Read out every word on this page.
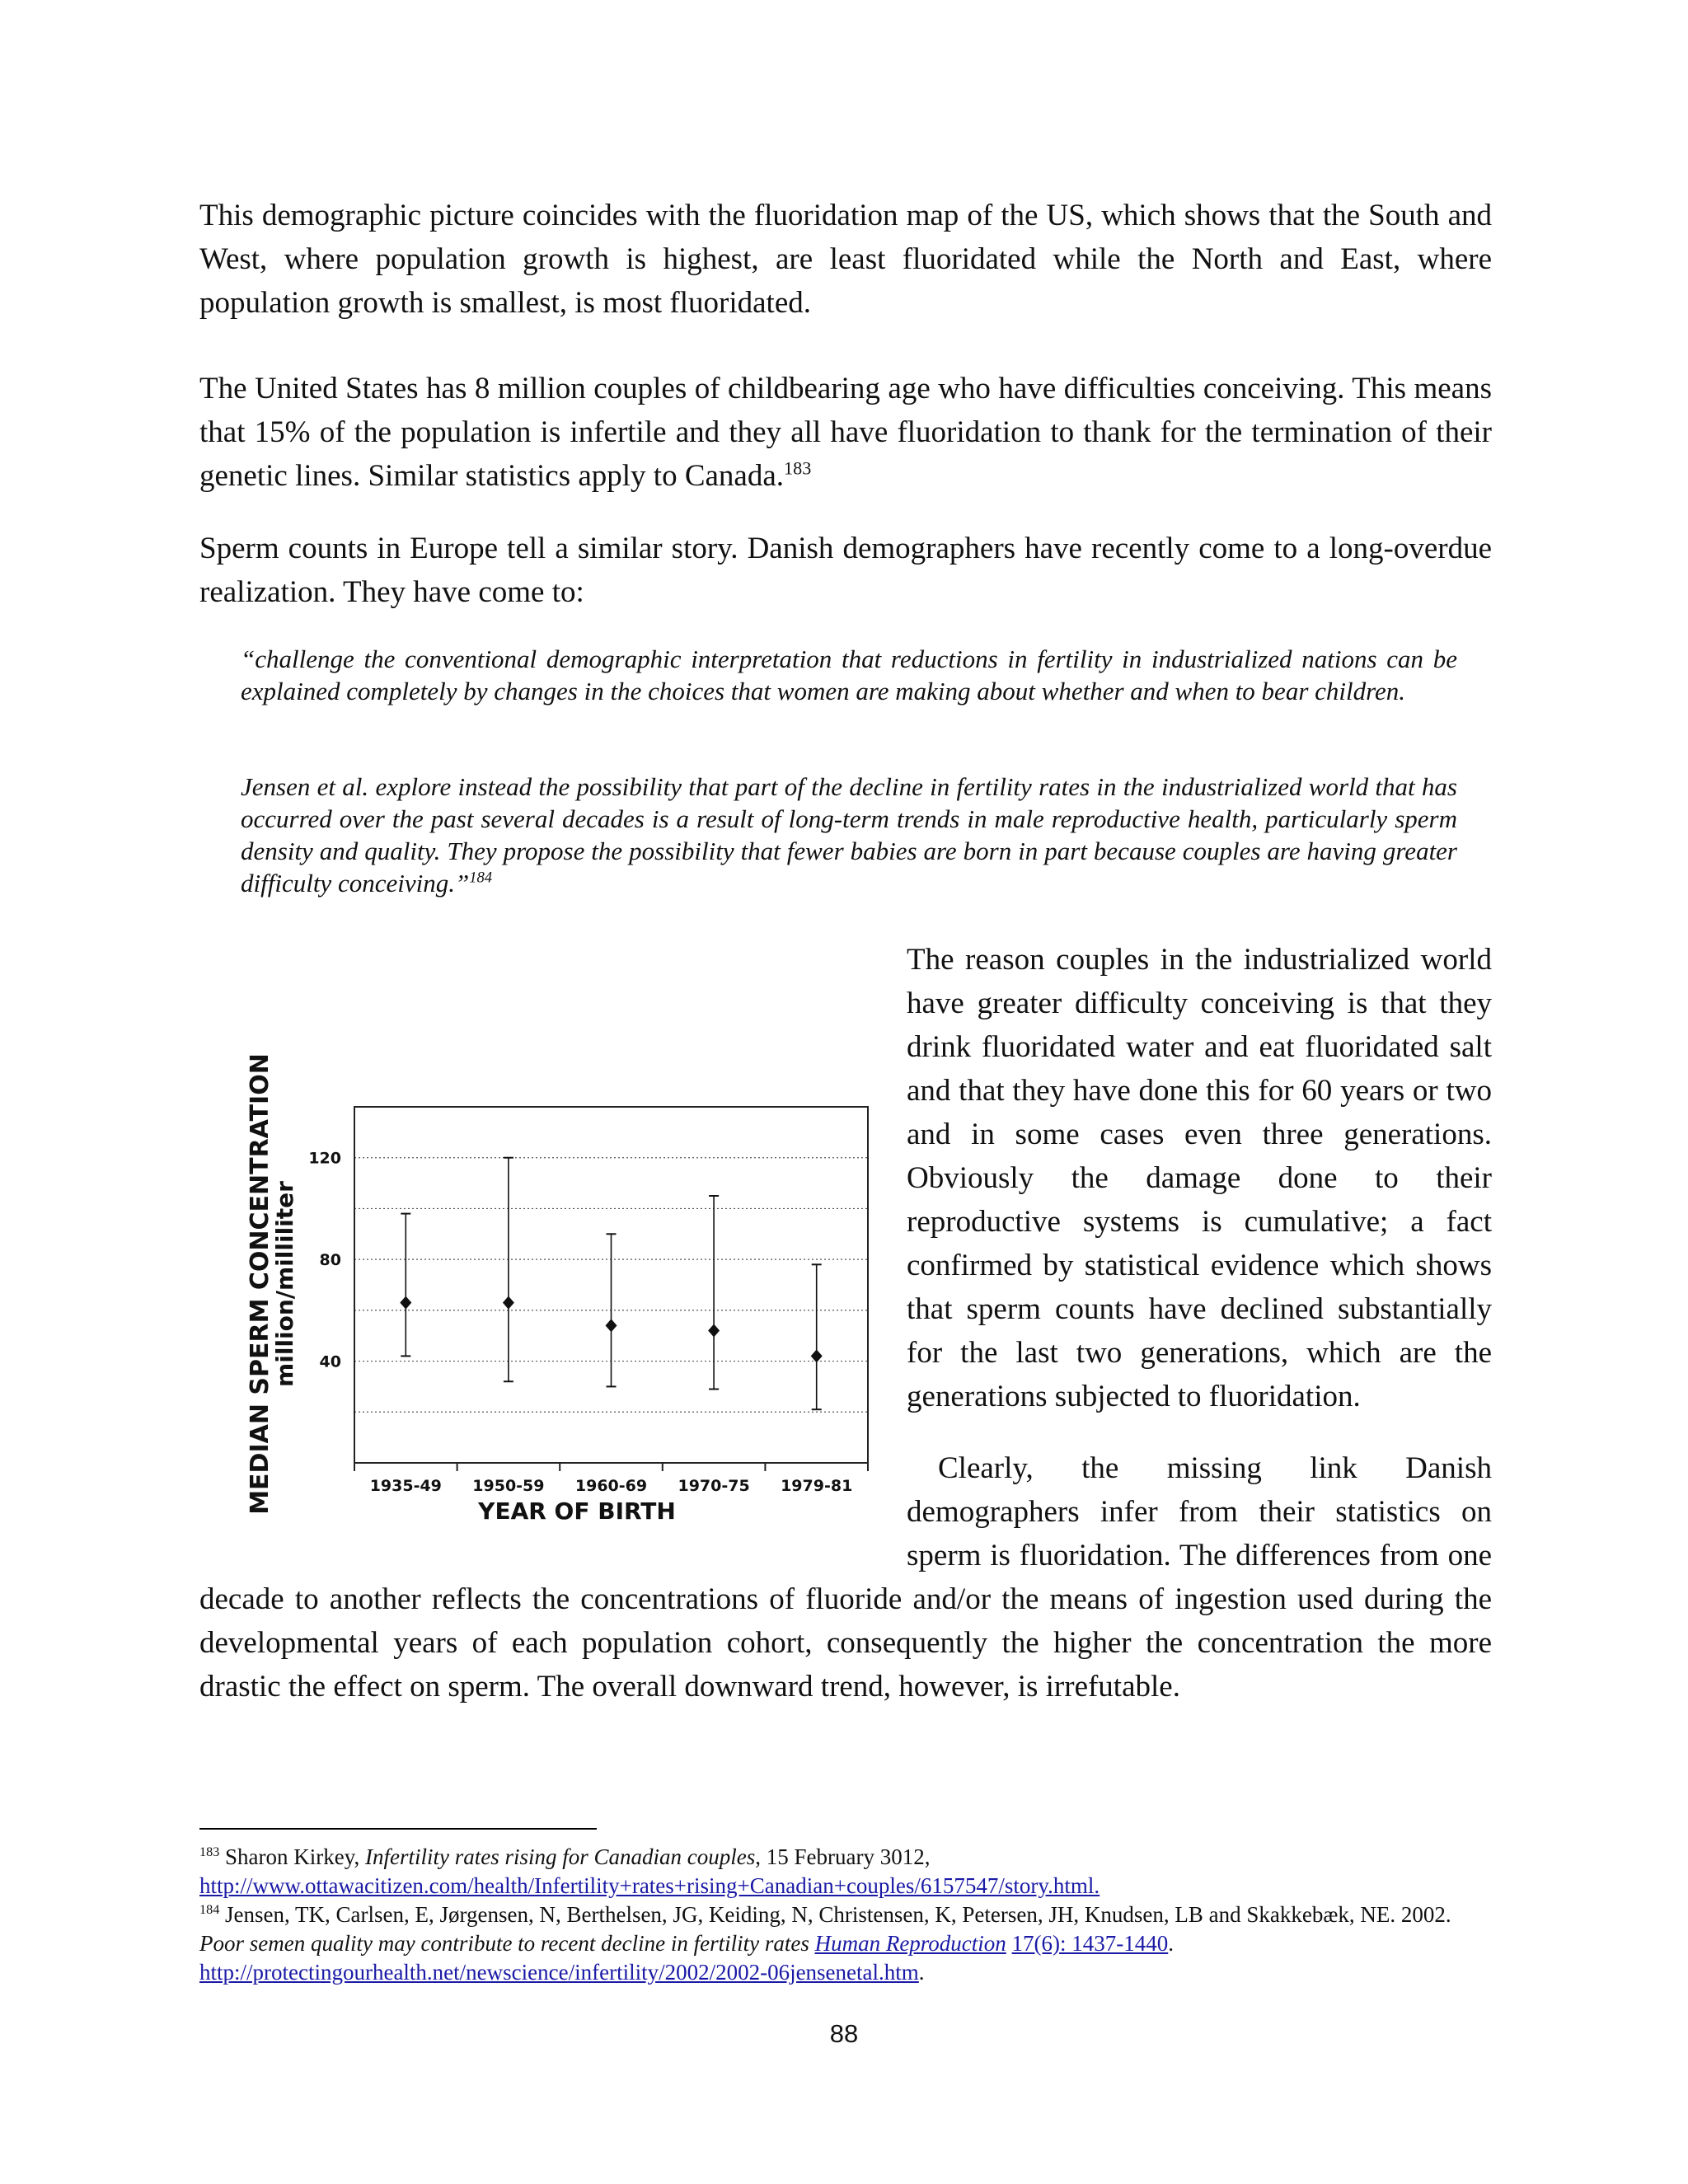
This demographic picture coincides with the fluoridation map of the US, which shows that the South and West, where population growth is highest, are least fluoridated while the North and East, where population growth is smallest, is most fluoridated.

The United States has 8 million couples of childbearing age who have difficulties conceiving. This means that 15% of the population is infertile and they all have fluoridation to thank for the termination of their genetic lines. Similar statistics apply to Canada.$^{183}$

Sperm counts in Europe tell a similar story. Danish demographers have recently come to a long-overdue realization. They have come to:

“challenge the conventional demographic interpretation that reductions in fertility in industrialized nations can be explained completely by changes in the choices that women are making about whether and when to bear children.

Jensen et al. explore instead the possibility that part of the decline in fertility rates in the industrialized world that has occurred over the past several decades is a result of long-term trends in male reproductive health, particularly sperm density and quality. They propose the possibility that fewer babies are born in part because couples are having greater difficulty conceiving.”$^{184}$

The reason couples in the industrialized world have greater difficulty conceiving is that they drink fluoridated water and eat fluoridated salt and that they have done this for 60 years or two and in some cases even three generations. Obviously the damage done to their reproductive systems is cumulative; a fact confirmed by statistical evidence which shows that sperm counts have declined substantially for the last two generations, which are the generations subjected to fluoridation.

Clearly, the missing link Danish demographers infer from their statistics on sperm is fluoridation. The differences from one decade to another reflects the concentrations of fluoride and/or the means of ingestion used during the developmental years of each population cohort, consequently the higher the concentration the more drastic the effect on sperm. The overall downward trend, however, is irrefutable.

40
80
120
1935-49 1950-59 1960-69 1970-75 1979-81
MEDIAN SPERM CONCENTRATION
million/milliliter
YEAR OF BIRTH
$^{183}$ Sharon Kirkey, Infertility rates rising for Canadian couples, 15 February 3012,
http://www.ottawacitizen.com/health/Infertility+rates+rising+Canadian+couples/6157547/story.html.
$^{184}$ Jensen, TK, Carlsen, E, Jørgensen, N, Berthelsen, JG, Keiding, N, Christensen, K, Petersen, JH, Knudsen, LB and Skakkebæk, NE. 2002. Poor semen quality may contribute to recent decline in fertility rates Human Reproduction 17(6): 1437-1440.   http://protectingourhealth.net/newscience/infertility/2002/2002-06jensenetal.htm.
88
